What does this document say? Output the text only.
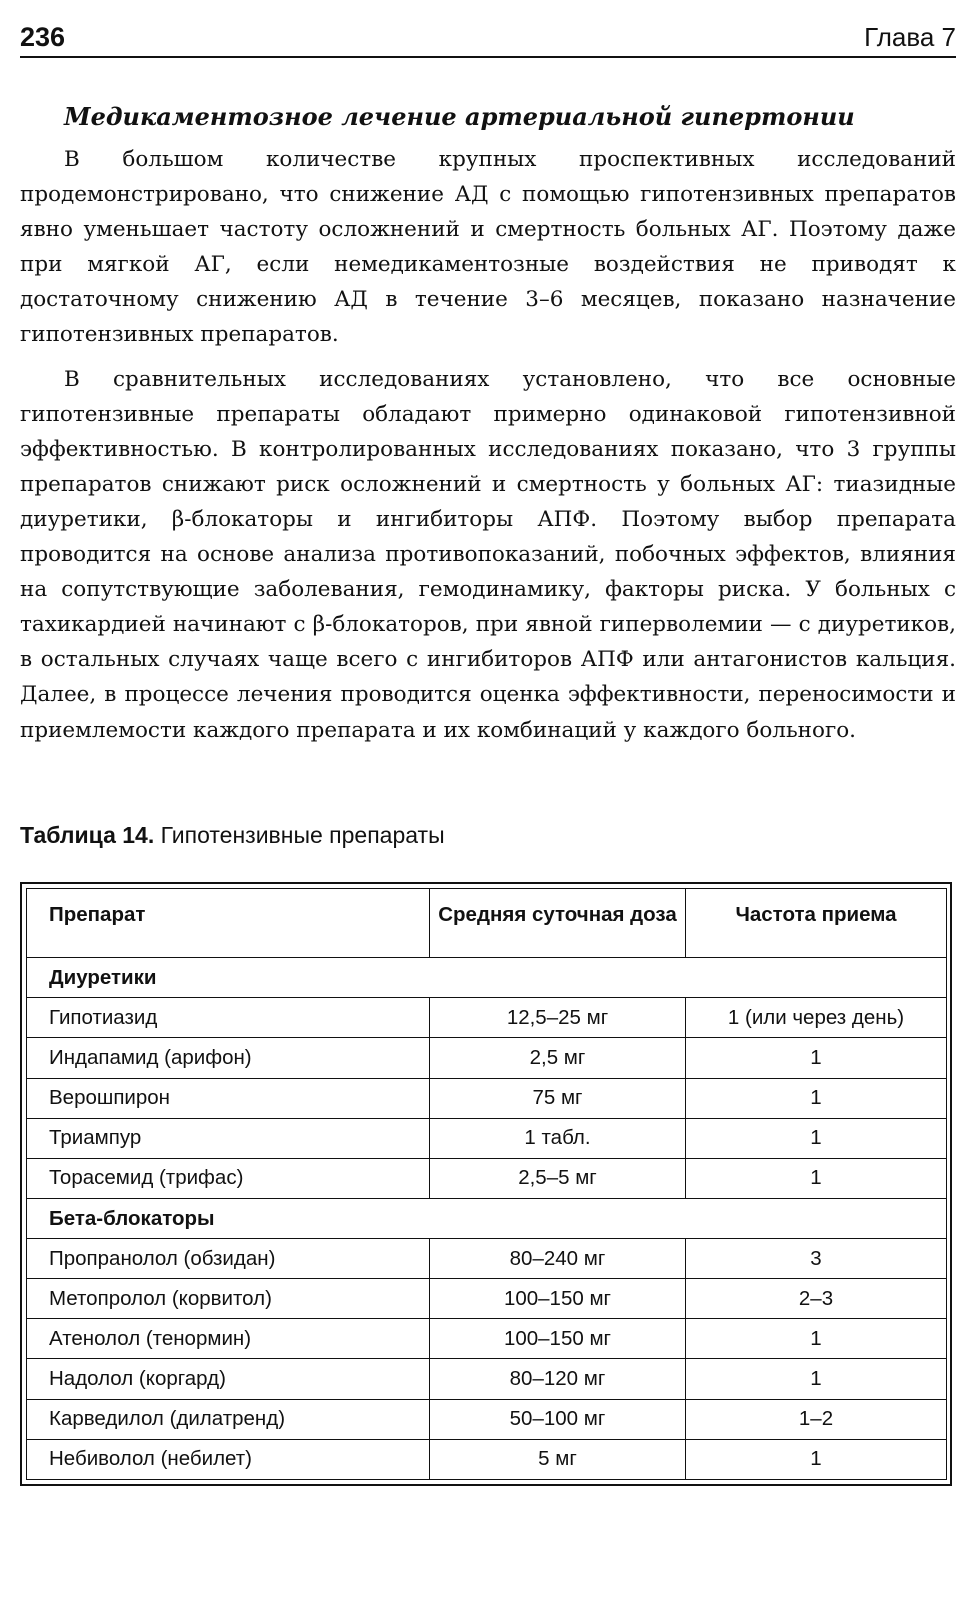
236	Глава 7
Медикаментозное лечение артериальной гипертонии

В большом количестве крупных проспективных исследований продемонстрировано, что снижение АД с помощью гипотензивных препаратов явно уменьшает частоту осложнений и смертность больных АГ. Поэтому даже при мягкой АГ, если немедикаментозные воздействия не приводят к достаточному снижению АД в течение 3–6 месяцев, показано назначение гипотензивных препаратов.

В сравнительных исследованиях установлено, что все основные гипотензивные препараты обладают примерно одинаковой гипотензивной эффективностью. В контролированных исследованиях показано, что 3 группы препаратов снижают риск осложнений и смертность у больных АГ: тиазидные диуретики, β-блокаторы и ингибиторы АПФ. Поэтому выбор препарата проводится на основе анализа противопоказаний, побочных эффектов, влияния на сопутствующие заболевания, гемодинамику, факторы риска. У больных с тахикардией начинают с β-блокаторов, при явной гиперволемии — с диуретиков, в остальных случаях чаще всего с ингибиторов АПФ или антагонистов кальция. Далее, в процессе лечения проводится оценка эффективности, переносимости и приемлемости каждого препарата и их комбинаций у каждого больного.

Таблица 14. Гипотензивные препараты
Препарат	Средняя суточная доза	Частота приема
Диуретики		
Гипотиазид	12,5–25 мг	1 (или через день)
Индапамид (арифон)	2,5 мг	1
Верошпирон	75 мг	1
Триампур	1 табл.	1
Торасемид (трифас)	2,5–5 мг	1
Бета-блокаторы		
Пропранолол (обзидан)	80–240 мг	3
Метопролол (корвитол)	100–150 мг	2–3
Атенолол (тенормин)	100–150 мг	1
Надолол (коргард)	80–120 мг	1
Карведилол (дилатренд)	50–100 мг	1–2
Небиволол (небилет)	5 мг	1
